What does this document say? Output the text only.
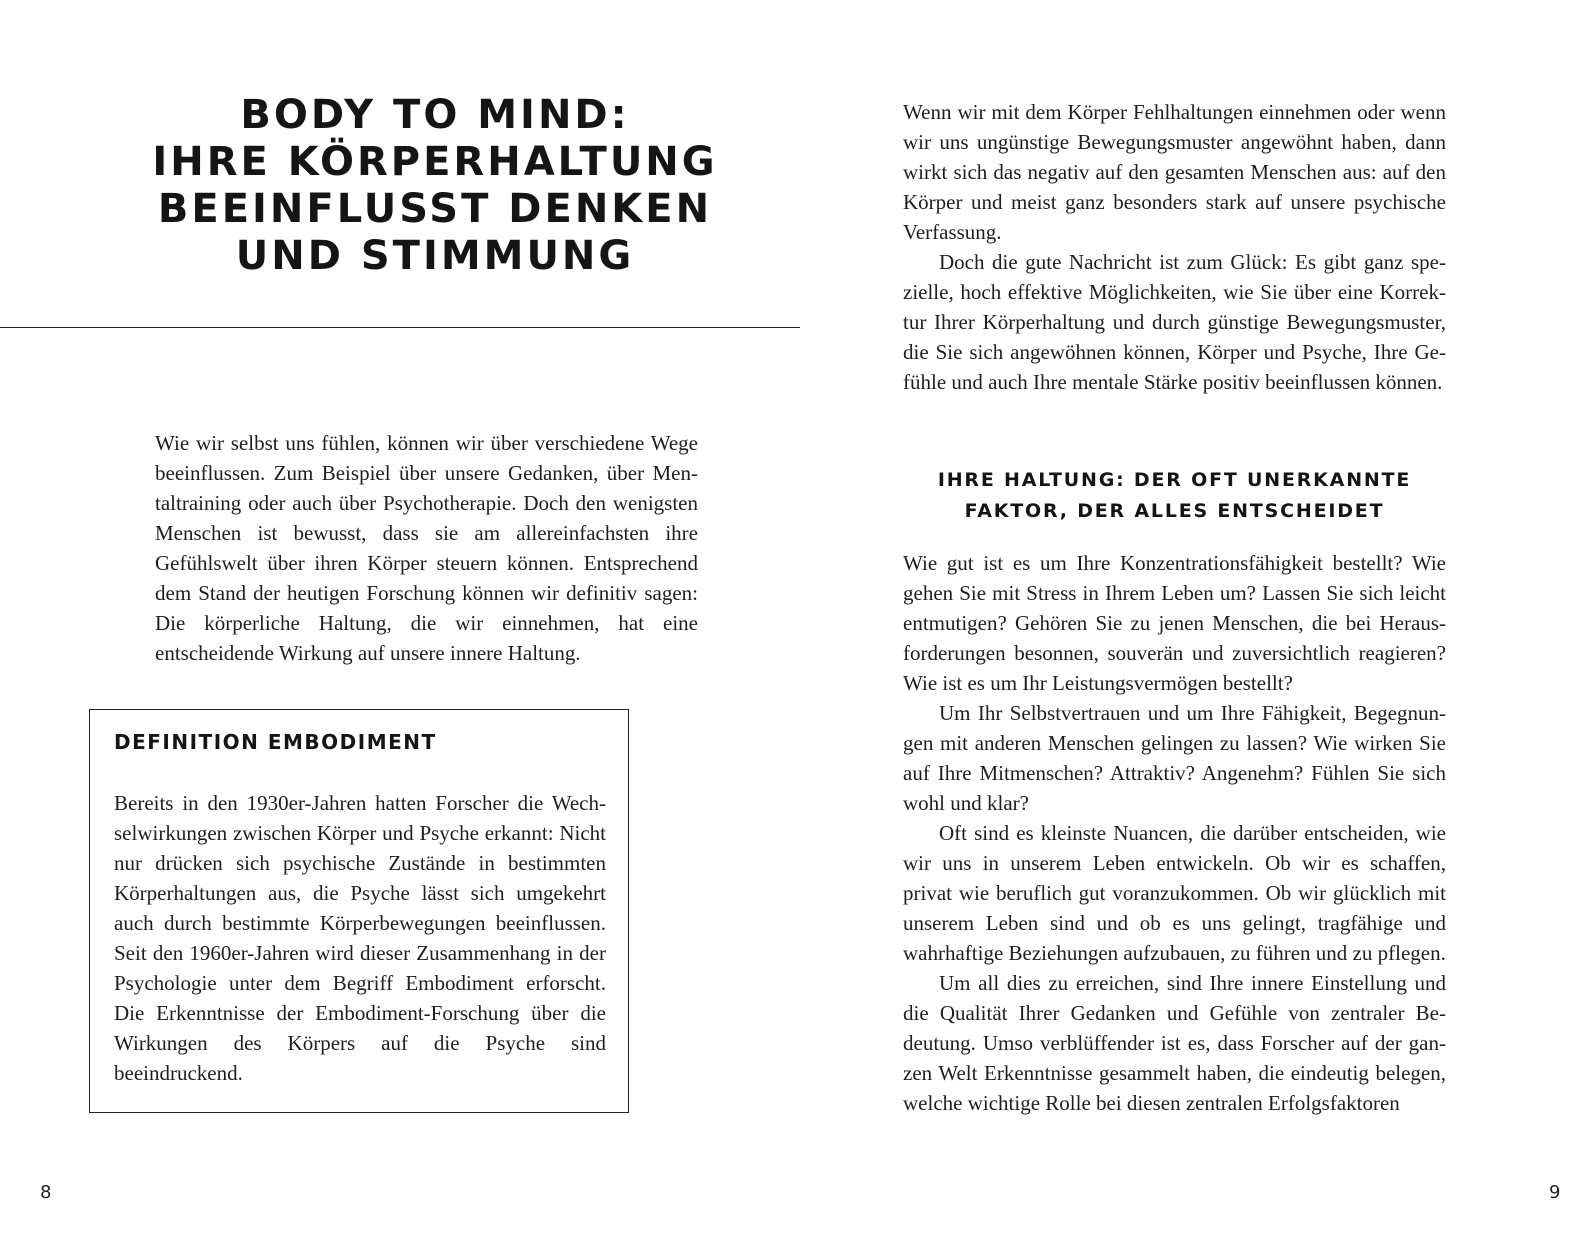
BODY TO MIND:
IHRE KÖRPERHALTUNG
BEEINFLUSST DENKEN
UND STIMMUNG

Wie wir selbst uns fühlen, können wir über verschiedene Wege beeinflussen. Zum Beispiel über unsere Gedanken, über Mentaltraining oder auch über Psychotherapie. Doch den wenigsten Menschen ist bewusst, dass sie am allereinfachsten ihre Gefühlswelt über ihren Körper steuern können. Entsprechend dem Stand der heutigen Forschung können wir definitiv sagen: Die körperliche Haltung, die wir einnehmen, hat eine entscheidende Wirkung auf unsere innere Haltung.

DEFINITION EMBODIMENT

Bereits in den 1930er-Jahren hatten Forscher die Wechselwirkungen zwischen Körper und Psyche erkannt: Nicht nur drücken sich psychische Zustände in bestimmten Körperhaltungen aus, die Psyche lässt sich umgekehrt auch durch bestimmte Körperbewegungen beeinflussen. Seit den 1960er-Jahren wird dieser Zusammenhang in der Psychologie unter dem Begriff Embodiment erforscht. Die Erkenntnisse der Embodiment-Forschung über die Wirkungen des Körpers auf die Psyche sind beeindruckend.

8

Wenn wir mit dem Körper Fehlhaltungen einnehmen oder wenn wir uns ungünstige Bewegungsmuster angewöhnt haben, dann wirkt sich das negativ auf den gesamten Menschen aus: auf den Körper und meist ganz besonders stark auf unsere psychische Verfassung.

Doch die gute Nachricht ist zum Glück: Es gibt ganz spezielle, hoch effektive Möglichkeiten, wie Sie über eine Korrektur Ihrer Körperhaltung und durch günstige Bewegungsmuster, die Sie sich angewöhnen können, Körper und Psyche, Ihre Gefühle und auch Ihre mentale Stärke positiv beeinflussen können.

IHRE HALTUNG: DER OFT UNERKANNTE
FAKTOR, DER ALLES ENTSCHEIDET

Wie gut ist es um Ihre Konzentrationsfähigkeit bestellt? Wie gehen Sie mit Stress in Ihrem Leben um? Lassen Sie sich leicht entmutigen? Gehören Sie zu jenen Menschen, die bei Herausforderungen besonnen, souverän und zuversichtlich reagieren? Wie ist es um Ihr Leistungsvermögen bestellt?

Um Ihr Selbstvertrauen und um Ihre Fähigkeit, Begegnungen mit anderen Menschen gelingen zu lassen? Wie wirken Sie auf Ihre Mitmenschen? Attraktiv? Angenehm? Fühlen Sie sich wohl und klar?

Oft sind es kleinste Nuancen, die darüber entscheiden, wie wir uns in unserem Leben entwickeln. Ob wir es schaffen, privat wie beruflich gut voranzukommen. Ob wir glücklich mit unserem Leben sind und ob es uns gelingt, tragfähige und wahrhaftige Beziehungen aufzubauen, zu führen und zu pflegen.

Um all dies zu erreichen, sind Ihre innere Einstellung und die Qualität Ihrer Gedanken und Gefühle von zentraler Bedeutung. Umso verblüffender ist es, dass Forscher auf der ganzen Welt Erkenntnisse gesammelt haben, die eindeutig belegen, welche wichtige Rolle bei diesen zentralen Erfolgsfaktoren

9
